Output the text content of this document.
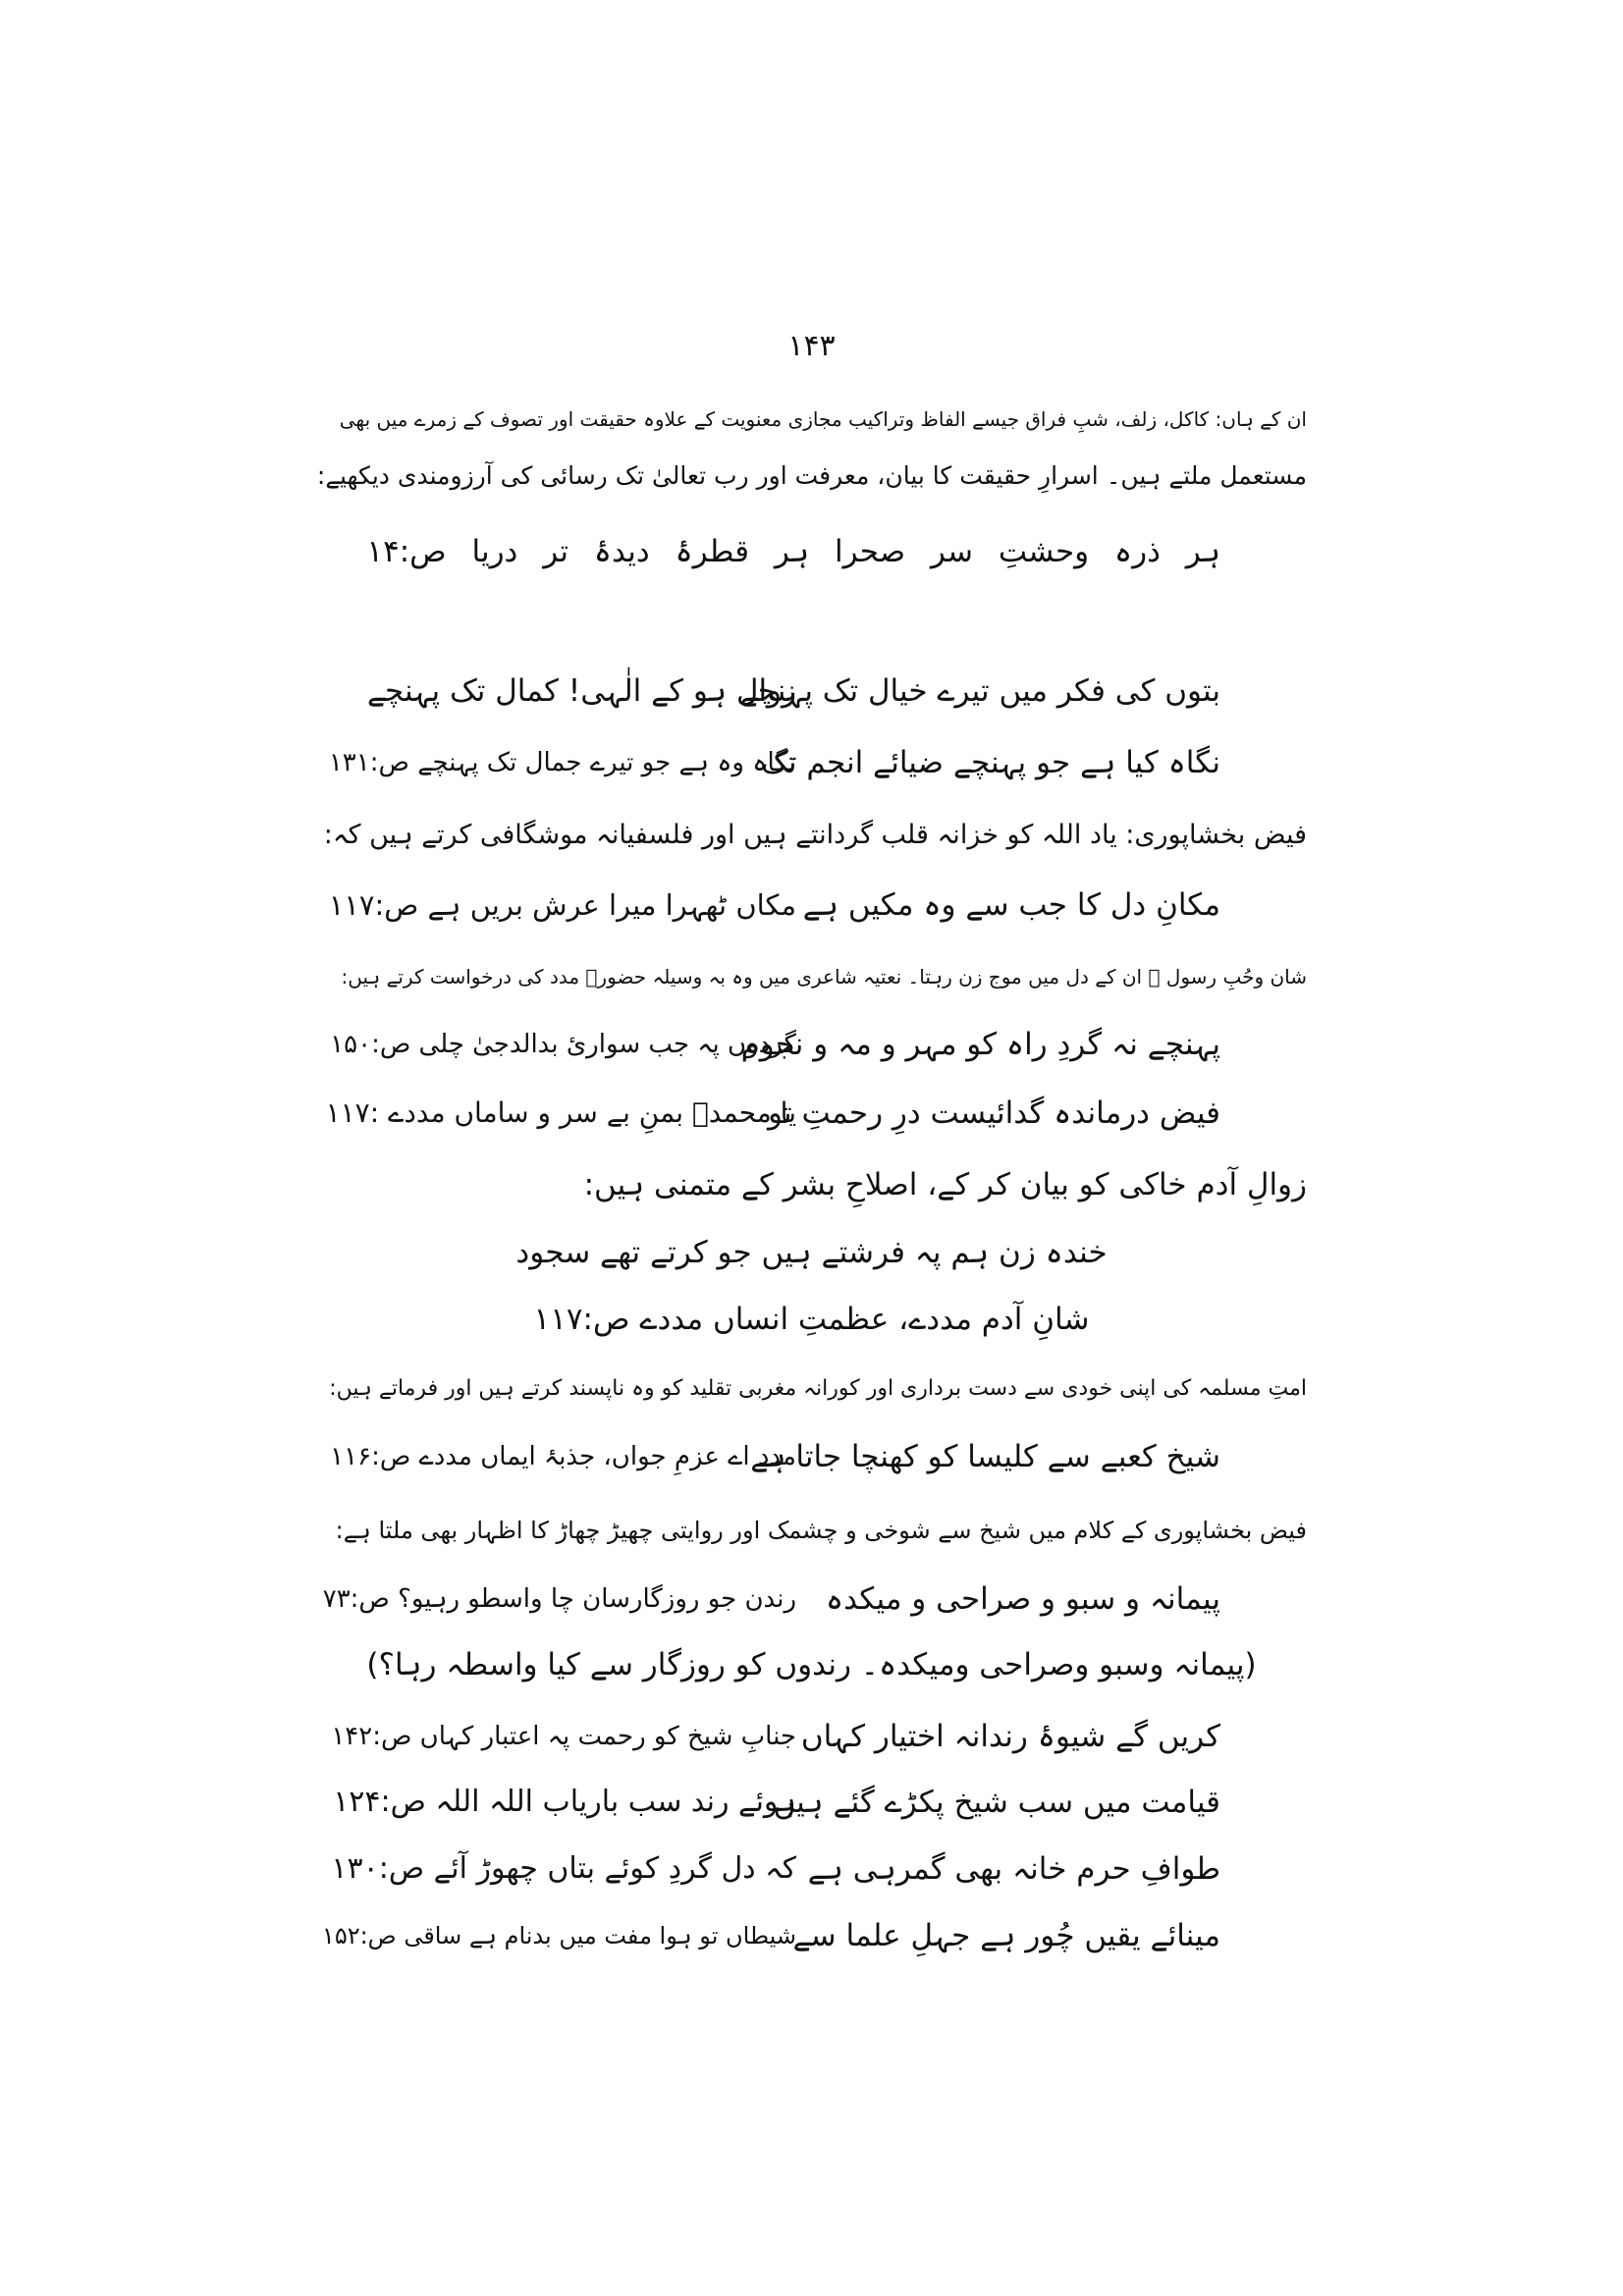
۱۴۳
ان کے ہاں: کاکل، زلف، شبِ فراق جیسے الفاظ وتراکیب مجازی معنویت کے علاوہ حقیقت اور تصوف کے زمرے میں بھی
مستعمل ملتے ہیں۔ اسرارِ حقیقت کا بیان، معرفت اور رب تعالیٰ تک رسائی کی آرزومندی دیکھیے:
ہر ذرہ وحشتِ سر صحرا ہر قطرۂ دیدۂ تر دریا ص:۱۴
بتوں کی فکر میں تیرے خیال تک پہنچے
زوال ہو کے الٰہی! کمال تک پہنچے
نگاہ کیا ہے جو پہنچے ضیائے انجم تک
نگاہ وہ ہے جو تیرے جمال تک پہنچے ص:۱۳۱
فیض بخشاپوری: یاد اللہ کو خزانہ قلب گردانتے ہیں اور فلسفیانہ موشگافی کرتے ہیں کہ:
مکانِ دل کا جب سے وہ مکیں ہے
مکاں ٹھہرا میرا عرش بریں ہے ص:۱۱۷
شان وحُبِ رسول ﷺ ان کے دل میں موج زن رہتا۔ نعتیہ شاعری میں وہ بہ وسیلہ حضورؐ مدد کی درخواست کرتے ہیں:
پہنچے نہ گردِ راہ کو مہر و مہ و نجوم
گردوں پہ جب سواریٔ بدالدجیٰ چلی ص:۱۵۰
فیض درماندہ گدائیست درِ رحمتِ تو
یا محمدؐ بمنِ بے سر و ساماں مددے :۱۱۷
زوالِ آدم خاکی کو بیان کر کے، اصلاحِ بشر کے متمنی ہیں:
خندہ زن ہم پہ فرشتے ہیں جو کرتے تھے سجود
شانِ آدم مددے، عظمتِ انساں مددے ص:۱۱۷
امتِ مسلمہ کی اپنی خودی سے دست برداری اور کورانہ مغربی تقلید کو وہ ناپسند کرتے ہیں اور فرماتے ہیں:
شیخ کعبے سے کلیسا کو کھنچا جاتا ہے
مدد اے عزمِ جواں، جذبۂ ایماں مددے ص:۱۱۶
فیض بخشاپوری کے کلام میں شیخ سے شوخی و چشمک اور روایتی چھیڑ چھاڑ کا اظہار بھی ملتا ہے:
پیمانہ و سبو و صراحی و میکدہ
رندن جو روزگارسان چا واسطو رہیو؟ ص:۷۳
(پیمانہ وسبو وصراحی ومیکدہ۔ رندوں کو روزگار سے کیا واسطہ رہا؟)
کریں گے شیوۂ رندانہ اختیار کہاں
جنابِ شیخ کو رحمت پہ اعتبار کہاں ص:۱۴۲
قیامت میں سب شیخ پکڑے گئے ہیں
ہوئے رند سب باریاب اللہ اللہ ص:۱۲۴
طوافِ حرم خانہ بھی گمرہی ہے
کہ دل گردِ کوئے بتاں چھوڑ آئے ص:۱۳۰
مینائے یقیں چُور ہے جہلِ علما سے
شیطاں تو ہوا مفت میں بدنام ہے ساقی ص:۱۵۲
